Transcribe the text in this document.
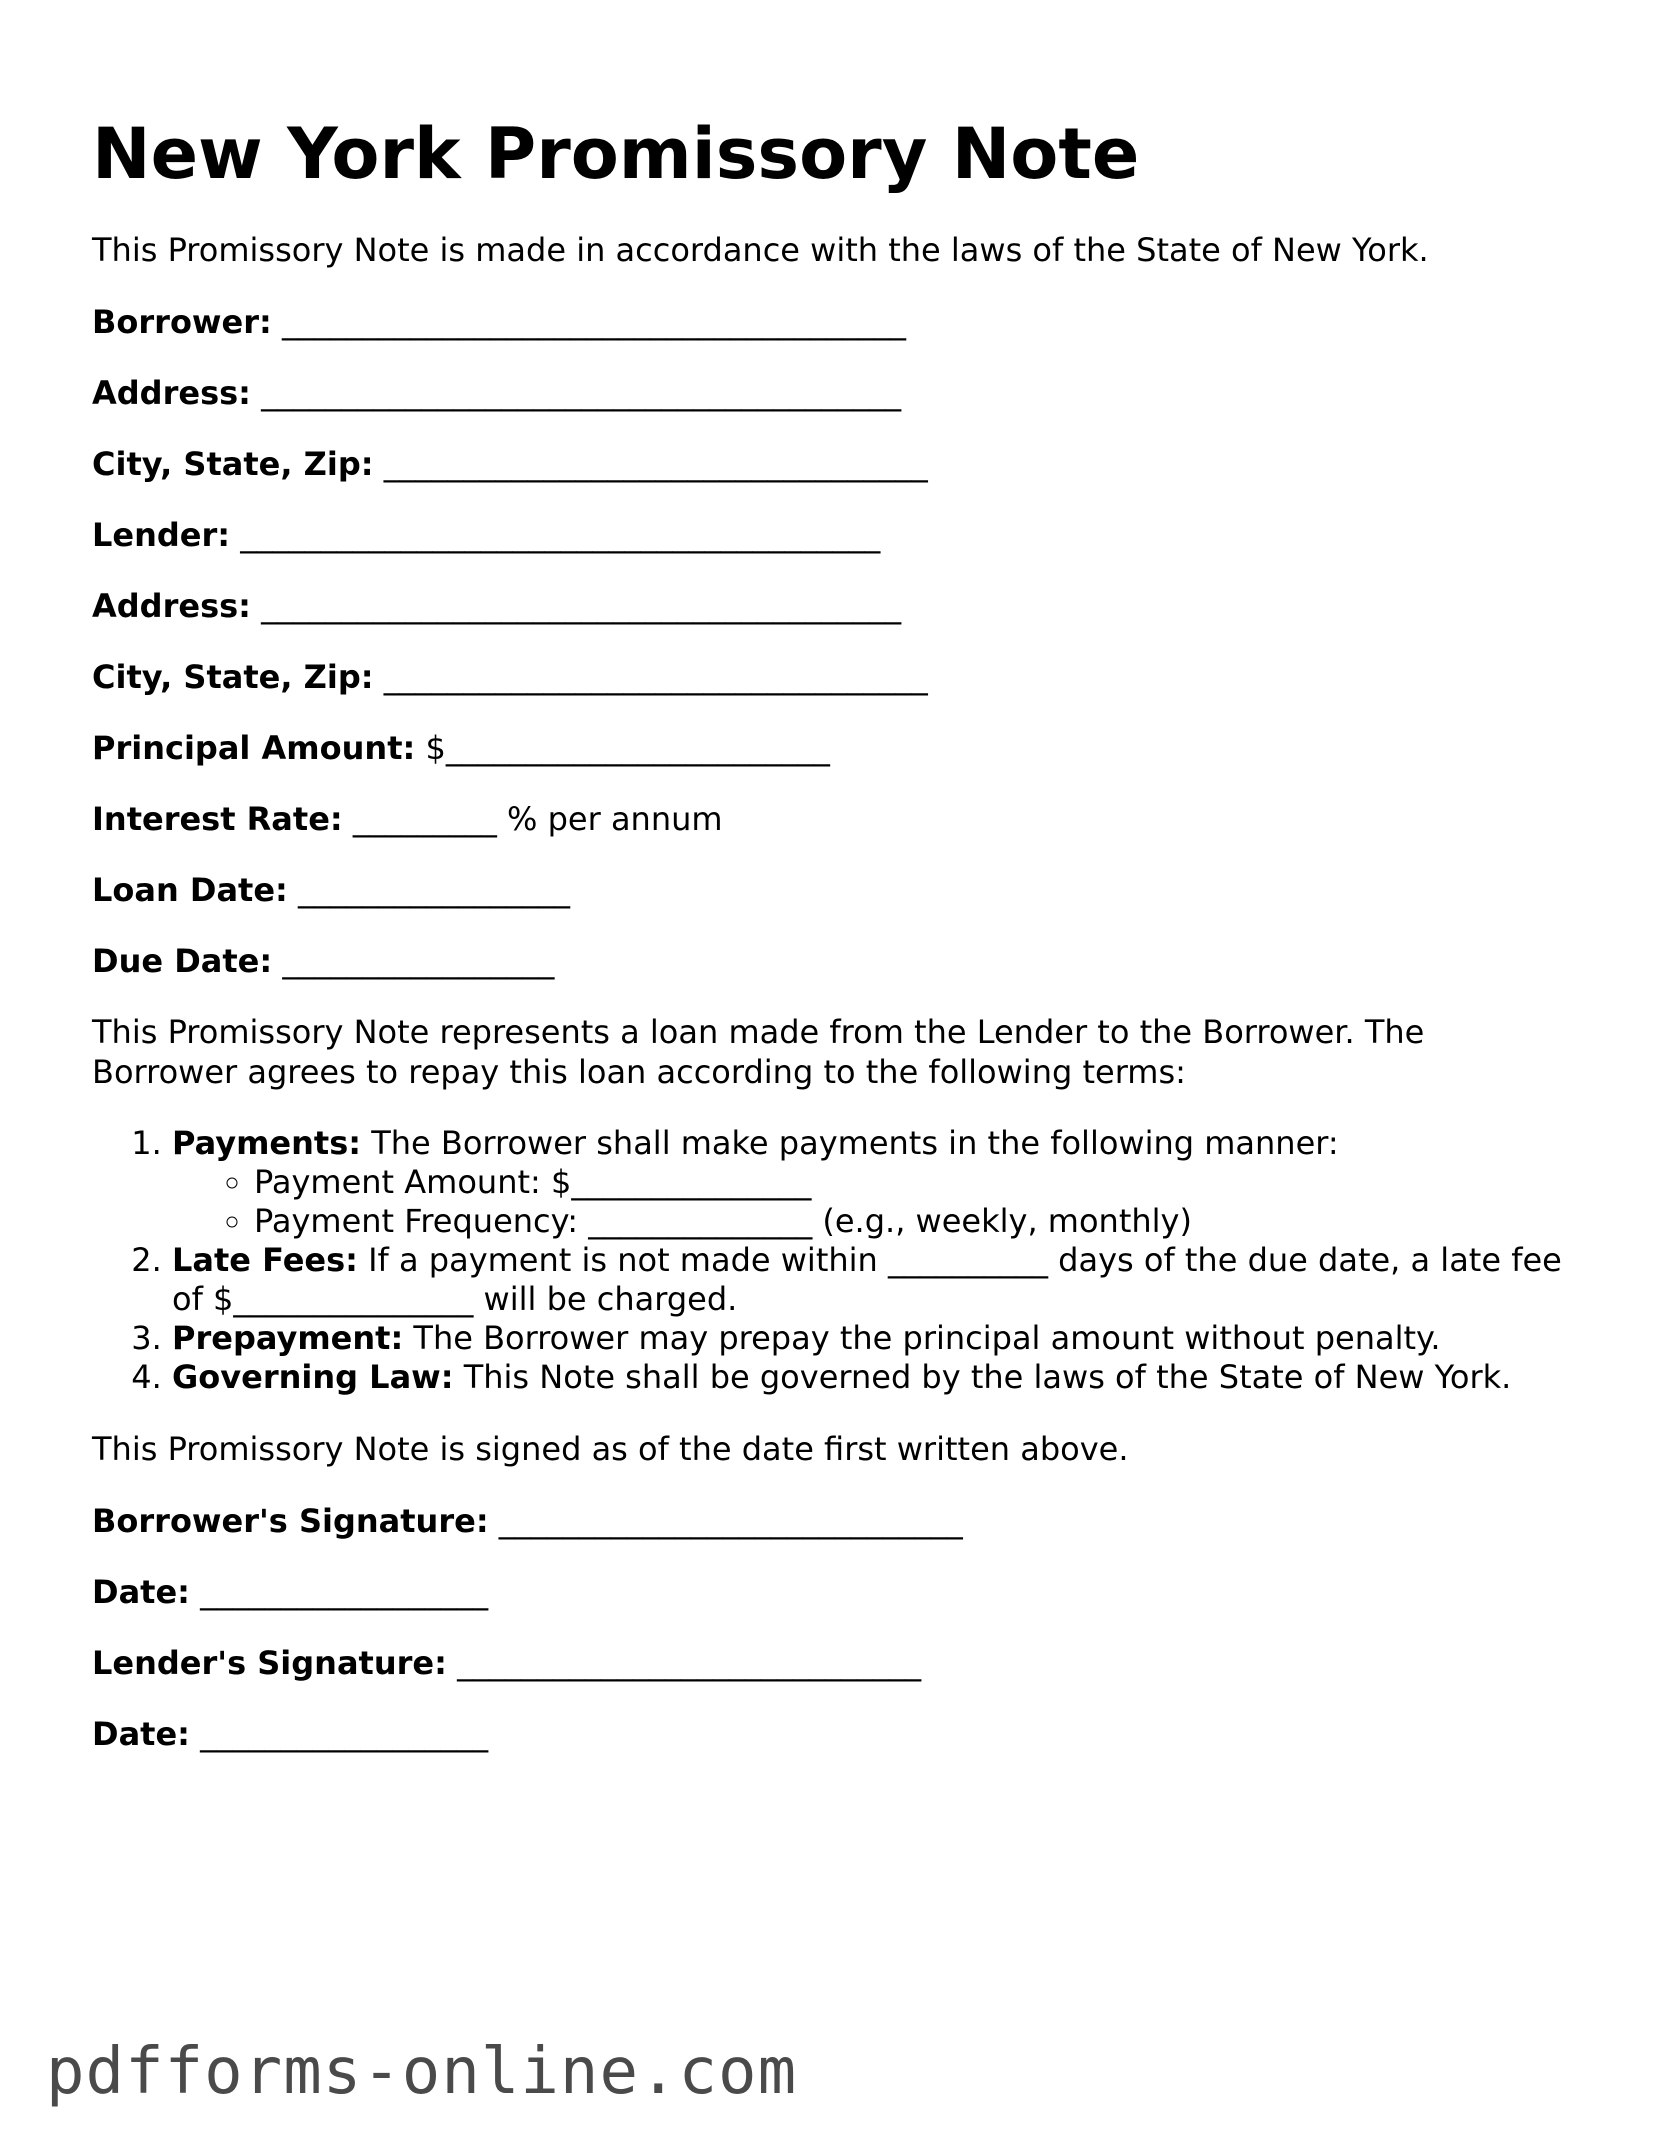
New York Promissory Note

This Promissory Note is made in accordance with the laws of the State of New York.

Borrower: _______________________________________
Address: ________________________________________
City, State, Zip: __________________________________
Lender: ________________________________________
Address: ________________________________________
City, State, Zip: __________________________________
Principal Amount: $________________________
Interest Rate: _________ % per annum
Loan Date: _________________
Due Date: _________________

This Promissory Note represents a loan made from the Lender to the Borrower. The Borrower agrees to repay this loan according to the following terms:

1. Payments: The Borrower shall make payments in the following manner:
◦ Payment Amount: $_______________
◦ Payment Frequency: ______________ (e.g., weekly, monthly)
2. Late Fees: If a payment is not made within __________ days of the due date, a late fee of $_______________ will be charged.
3. Prepayment: The Borrower may prepay the principal amount without penalty.
4. Governing Law: This Note shall be governed by the laws of the State of New York.

This Promissory Note is signed as of the date first written above.

Borrower's Signature: _____________________________
Date: __________________
Lender's Signature: _____________________________
Date: __________________
pdfforms-online.com
